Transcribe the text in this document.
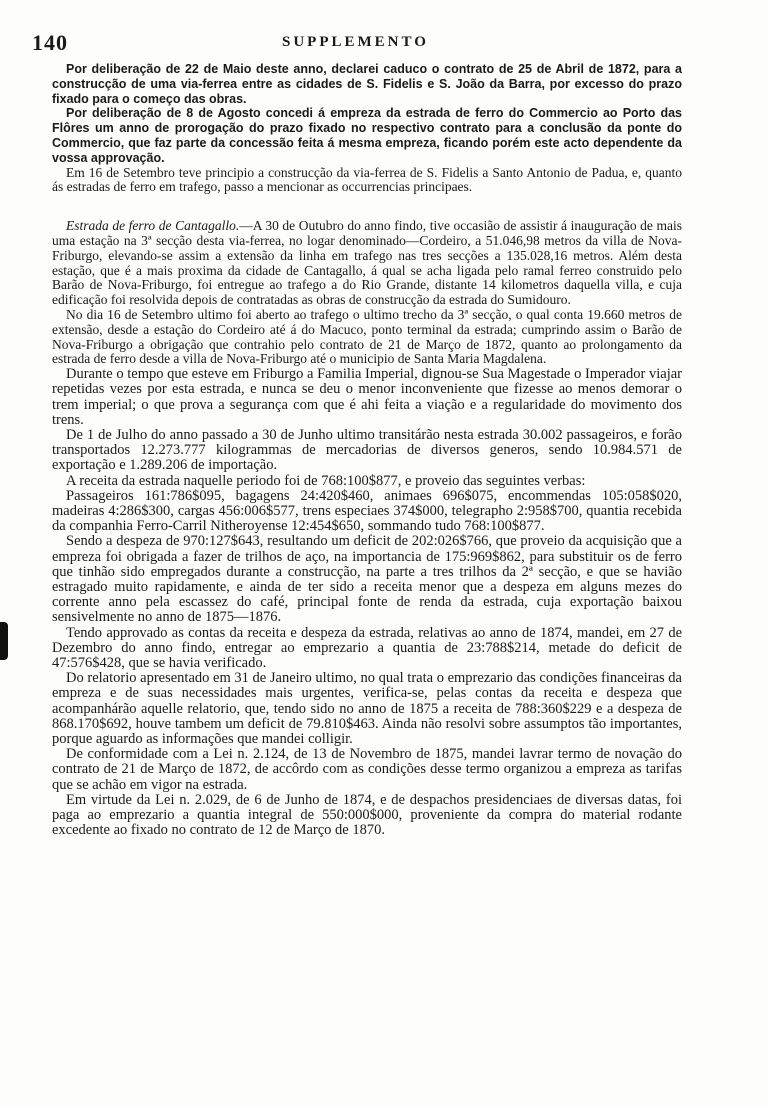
140	SUPPLEMENTO

Por deliberação de 22 de Maio deste anno, declarei caduco o contrato de 25 de Abril de 1872, para a construcção de uma via-ferrea entre as cidades de S. Fidelis e S. João da Barra, por excesso do prazo fixado para o começo das obras.

Por deliberação de 8 de Agosto concedi á empreza da estrada de ferro do Commercio ao Porto das Flôres um anno de prorogação do prazo fixado no respectivo contrato para a conclusão da ponte do Commercio, que faz parte da concessão feita á mesma empreza, ficando porém este acto dependente da vossa approvação.

Em 16 de Setembro teve principio a construcção da via-ferrea de S. Fidelis a Santo Antonio de Padua, e, quanto ás estradas de ferro em trafego, passo a mencionar as occurrencias principaes.

Estrada de ferro de Cantagallo.—A 30 de Outubro do anno findo, tive occasião de assistir á inauguração de mais uma estação na 3ª secção desta via-ferrea, no logar denominado—Cordeiro, a 51.046,98 metros da villa de Nova-Friburgo, elevando-se assim a extensão da linha em trafego nas tres secções a 135.028,16 metros. Além desta estação, que é a mais proxima da cidade de Cantagallo, á qual se acha ligada pelo ramal ferreo construido pelo Barão de Nova-Friburgo, foi entregue ao trafego a do Rio Grande, distante 14 kilometros daquella villa, e cuja edificação foi resolvida depois de contratadas as obras de construcção da estrada do Sumidouro.

No dia 16 de Setembro ultimo foi aberto ao trafego o ultimo trecho da 3ª secção, o qual conta 19.660 metros de extensão, desde a estação do Cordeiro até á do Macuco, ponto terminal da estrada; cumprindo assim o Barão de Nova-Friburgo a obrigação que contrahio pelo contrato de 21 de Março de 1872, quanto ao prolongamento da estrada de ferro desde a villa de Nova-Friburgo até o municipio de Santa Maria Magdalena.

Durante o tempo que esteve em Friburgo a Familia Imperial, dignou-se Sua Magestade o Imperador viajar repetidas vezes por esta estrada, e nunca se deu o menor inconveniente que fizesse ao menos demorar o trem imperial; o que prova a segurança com que é ahi feita a viação e a regularidade do movimento dos trens.

De 1 de Julho do anno passado a 30 de Junho ultimo transitárão nesta estrada 30.002 passageiros, e forão transportados 12.273.777 kilogrammas de mercadorias de diversos generos, sendo 10.984.571 de exportação e 1.289.206 de importação.

A receita da estrada naquelle periodo foi de 768:100$877, e proveio das seguintes verbas:

Passageiros 161:786$095, bagagens 24:420$460, animaes 696$075, encommendas 105:058$020, madeiras 4:286$300, cargas 456:006$577, trens especiaes 374$000, telegrapho 2:958$700, quantia recebida da companhia Ferro-Carril Nitheroyense 12:454$650, sommando tudo 768:100$877.

Sendo a despeza de 970:127$643, resultando um deficit de 202:026$766, que proveio da acquisição que a empreza foi obrigada a fazer de trilhos de aço, na importancia de 175:969$862, para substituir os de ferro que tinhão sido empregados durante a construcção, na parte a tres trilhos da 2ª secção, e que se havião estragado muito rapidamente, e ainda de ter sido a receita menor que a despeza em alguns mezes do corrente anno pela escassez do café, principal fonte de renda da estrada, cuja exportação baixou sensivelmente no anno de 1875—1876.

Tendo approvado as contas da receita e despeza da estrada, relativas ao anno de 1874, mandei, em 27 de Dezembro do anno findo, entregar ao emprezario a quantia de 23:788$214, metade do deficit de 47:576$428, que se havia verificado.

Do relatorio apresentado em 31 de Janeiro ultimo, no qual trata o emprezario das condições financeiras da empreza e de suas necessidades mais urgentes, verifica-se, pelas contas da receita e despeza que acompanhárão aquelle relatorio, que, tendo sido no anno de 1875 a receita de 788:360$229 e a despeza de 868.170$692, houve tambem um deficit de 79.810$463. Ainda não resolvi sobre assumptos tão importantes, porque aguardo as informações que mandei colligir.

De conformidade com a Lei n. 2.124, de 13 de Novembro de 1875, mandei lavrar termo de novação do contrato de 21 de Março de 1872, de accôrdo com as condições desse termo organizou a empreza as tarifas que se achão em vigor na estrada.

Em virtude da Lei n. 2.029, de 6 de Junho de 1874, e de despachos presidenciaes de diversas datas, foi paga ao emprezario a quantia integral de 550:000$000, proveniente da compra do material rodante excedente ao fixado no contrato de 12 de Março de 1870.
